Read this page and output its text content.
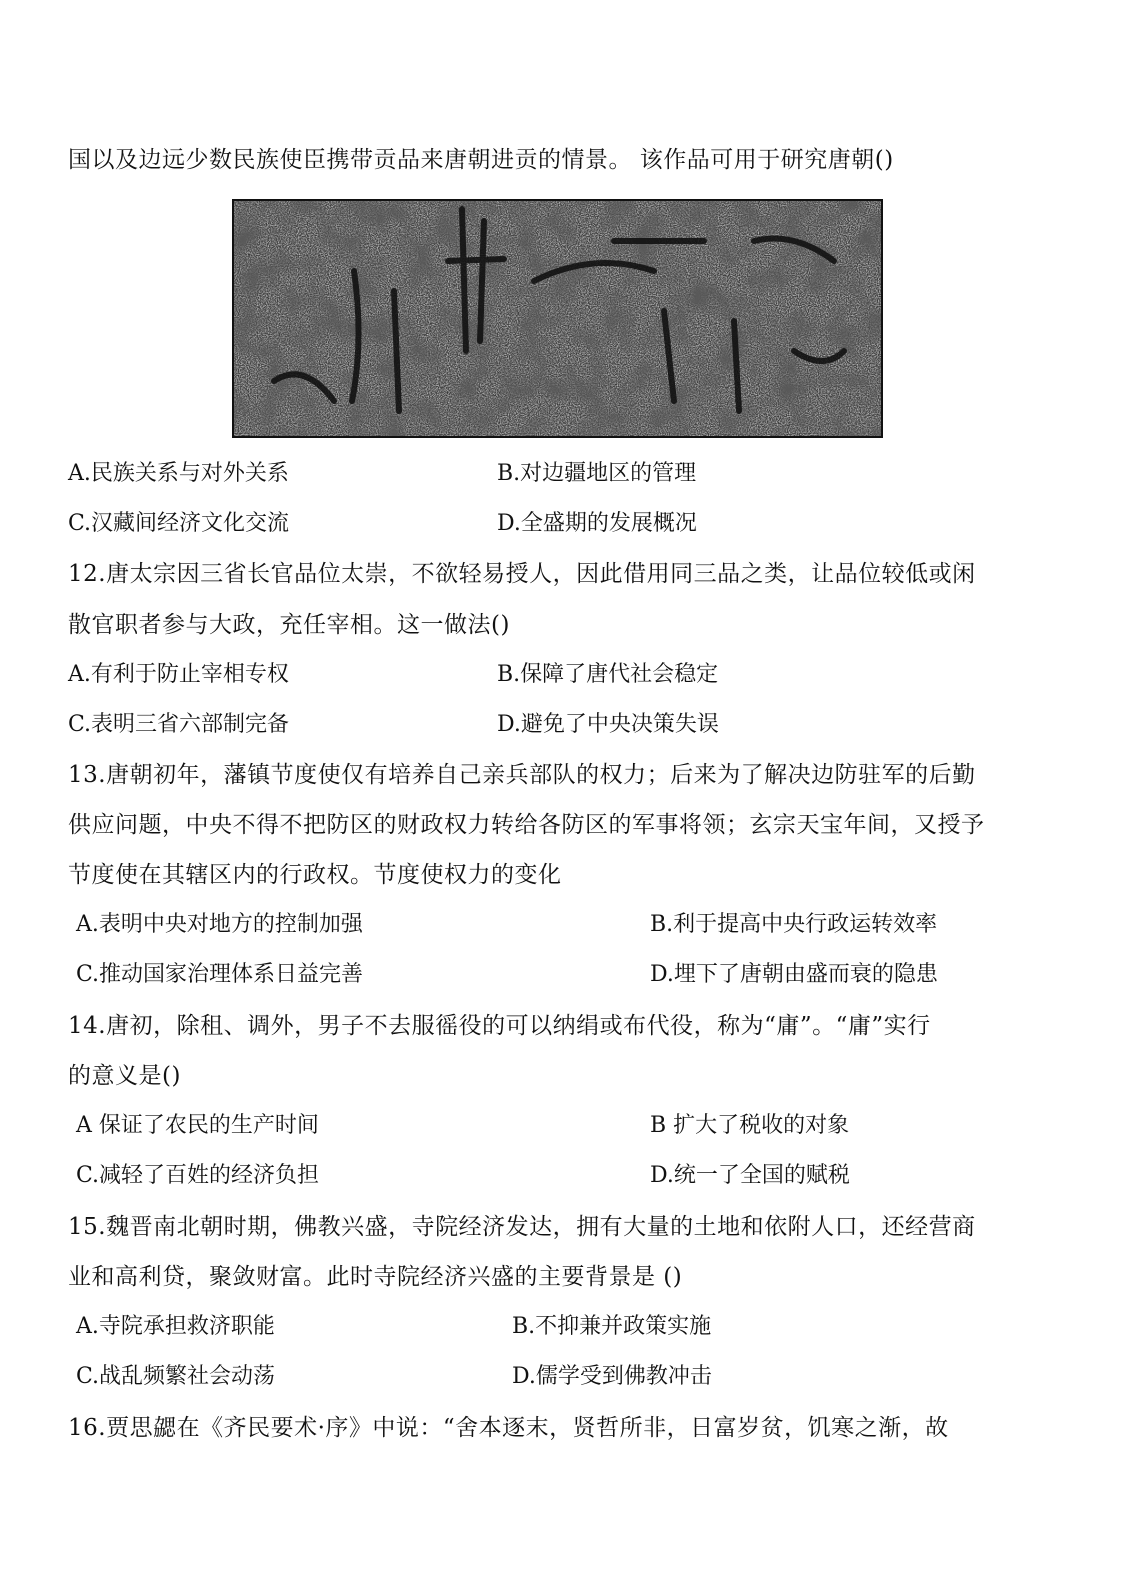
国以及边远少数民族使臣携带贡品来唐朝进贡的情景。 该作品可用于研究唐朝()
A.民族关系与对外关系	B.对边疆地区的管理
C.汉藏间经济文化交流	D.全盛期的发展概况
12.唐太宗因三省长官品位太崇，不欲轻易授人，因此借用同三品之类，让品位较低或闲
散官职者参与大政，充任宰相。这一做法()
A.有利于防止宰相专权	B.保障了唐代社会稳定
C.表明三省六部制完备	D.避免了中央决策失误
13.唐朝初年，藩镇节度使仅有培养自己亲兵部队的权力；后来为了解决边防驻军的后勤
供应问题，中央不得不把防区的财政权力转给各防区的军事将领；玄宗天宝年间，又授予
节度使在其辖区内的行政权。节度使权力的变化
A.表明中央对地方的控制加强	B.利于提高中央行政运转效率
C.推动国家治理体系日益完善	D.埋下了唐朝由盛而衰的隐患
14.唐初，除租、调外，男子不去服徭役的可以纳绢或布代役，称为“庸”。“庸”实行
的意义是()
A 保证了农民的生产时间	B 扩大了税收的对象
C.减轻了百姓的经济负担	D.统一了全国的赋税
15.魏晋南北朝时期，佛教兴盛，寺院经济发达，拥有大量的土地和依附人口，还经营商
业和高利贷，聚敛财富。此时寺院经济兴盛的主要背景是 ()
A.寺院承担救济职能	B.不抑兼并政策实施
C.战乱频繁社会动荡	D.儒学受到佛教冲击
16.贾思勰在《齐民要术·序》中说：“舍本逐末，贤哲所非，日富岁贫，饥寒之渐，故
